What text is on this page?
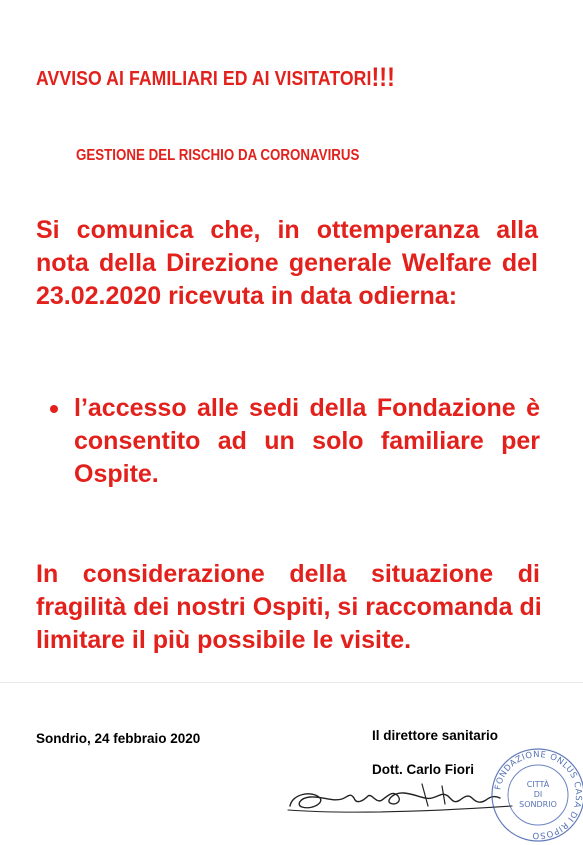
AVVISO AI FAMILIARI ED AI VISITATORI!!!
GESTIONE DEL RISCHIO DA CORONAVIRUS
Si comunica che, in ottemperanza alla
nota della Direzione generale Welfare del
23.02.2020 ricevuta in data odierna:
l’accesso alle sedi della Fondazione è
consentito ad un solo familiare per
Ospite.
In considerazione della situazione di
fragilità dei nostri Ospiti, si raccomanda di
limitare il più possibile le visite.
Sondrio, 24 febbraio 2020	Il direttore sanitario
Dott. Carlo Fiori
FONDAZIONE ONLUS CASA DI RIPOSO
CITTÀ
DI
SONDRIO
